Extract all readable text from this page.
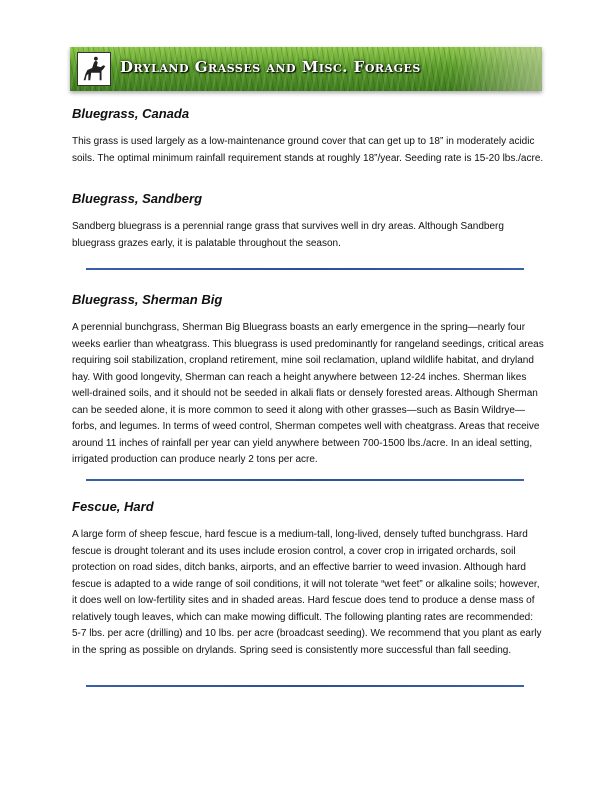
Dryland Grasses and Misc. Forages
Bluegrass, Canada

This grass is used largely as a low-maintenance ground cover that can get up to 18” in moderately acidic soils. The optimal minimum rainfall requirement stands at roughly 18”/year. Seeding rate is 15-20 lbs./acre.

Bluegrass, Sandberg

Sandberg bluegrass is a perennial range grass that survives well in dry areas. Although Sandberg bluegrass grazes early, it is palatable throughout the season.

Bluegrass, Sherman Big

A perennial bunchgrass, Sherman Big Bluegrass boasts an early emergence in the spring—nearly four weeks earlier than wheatgrass. This bluegrass is used predominantly for rangeland seedings, critical areas requiring soil stabilization, cropland retirement, mine soil reclamation, upland wildlife habitat, and dryland hay. With good longevity, Sherman can reach a height anywhere between 12-24 inches. Sherman likes well-drained soils, and it should not be seeded in alkali flats or densely forested areas. Although Sherman can be seeded alone, it is more common to seed it along with other grasses—such as Basin Wildrye—forbs, and legumes. In terms of weed control, Sherman competes well with cheatgrass. Areas that receive around 11 inches of rainfall per year can yield anywhere between 700-1500 lbs./acre. In an ideal setting, irrigated production can produce nearly 2 tons per acre.

Fescue, Hard

A large form of sheep fescue, hard fescue is a medium-tall, long-lived, densely tufted bunchgrass. Hard fescue is drought tolerant and its uses include erosion control, a cover crop in irrigated orchards, soil protection on road sides, ditch banks, airports, and an effective barrier to weed invasion. Although hard fescue is adapted to a wide range of soil conditions, it will not tolerate “wet feet” or alkaline soils; however, it does well on low-fertility sites and in shaded areas. Hard fescue does tend to produce a dense mass of relatively tough leaves, which can make mowing difficult. The following planting rates are recommended: 5-7 lbs. per acre (drilling) and 10 lbs. per acre (broadcast seeding). We recommend that you plant as early in the spring as possible on drylands. Spring seed is consistently more successful than fall seeding.
